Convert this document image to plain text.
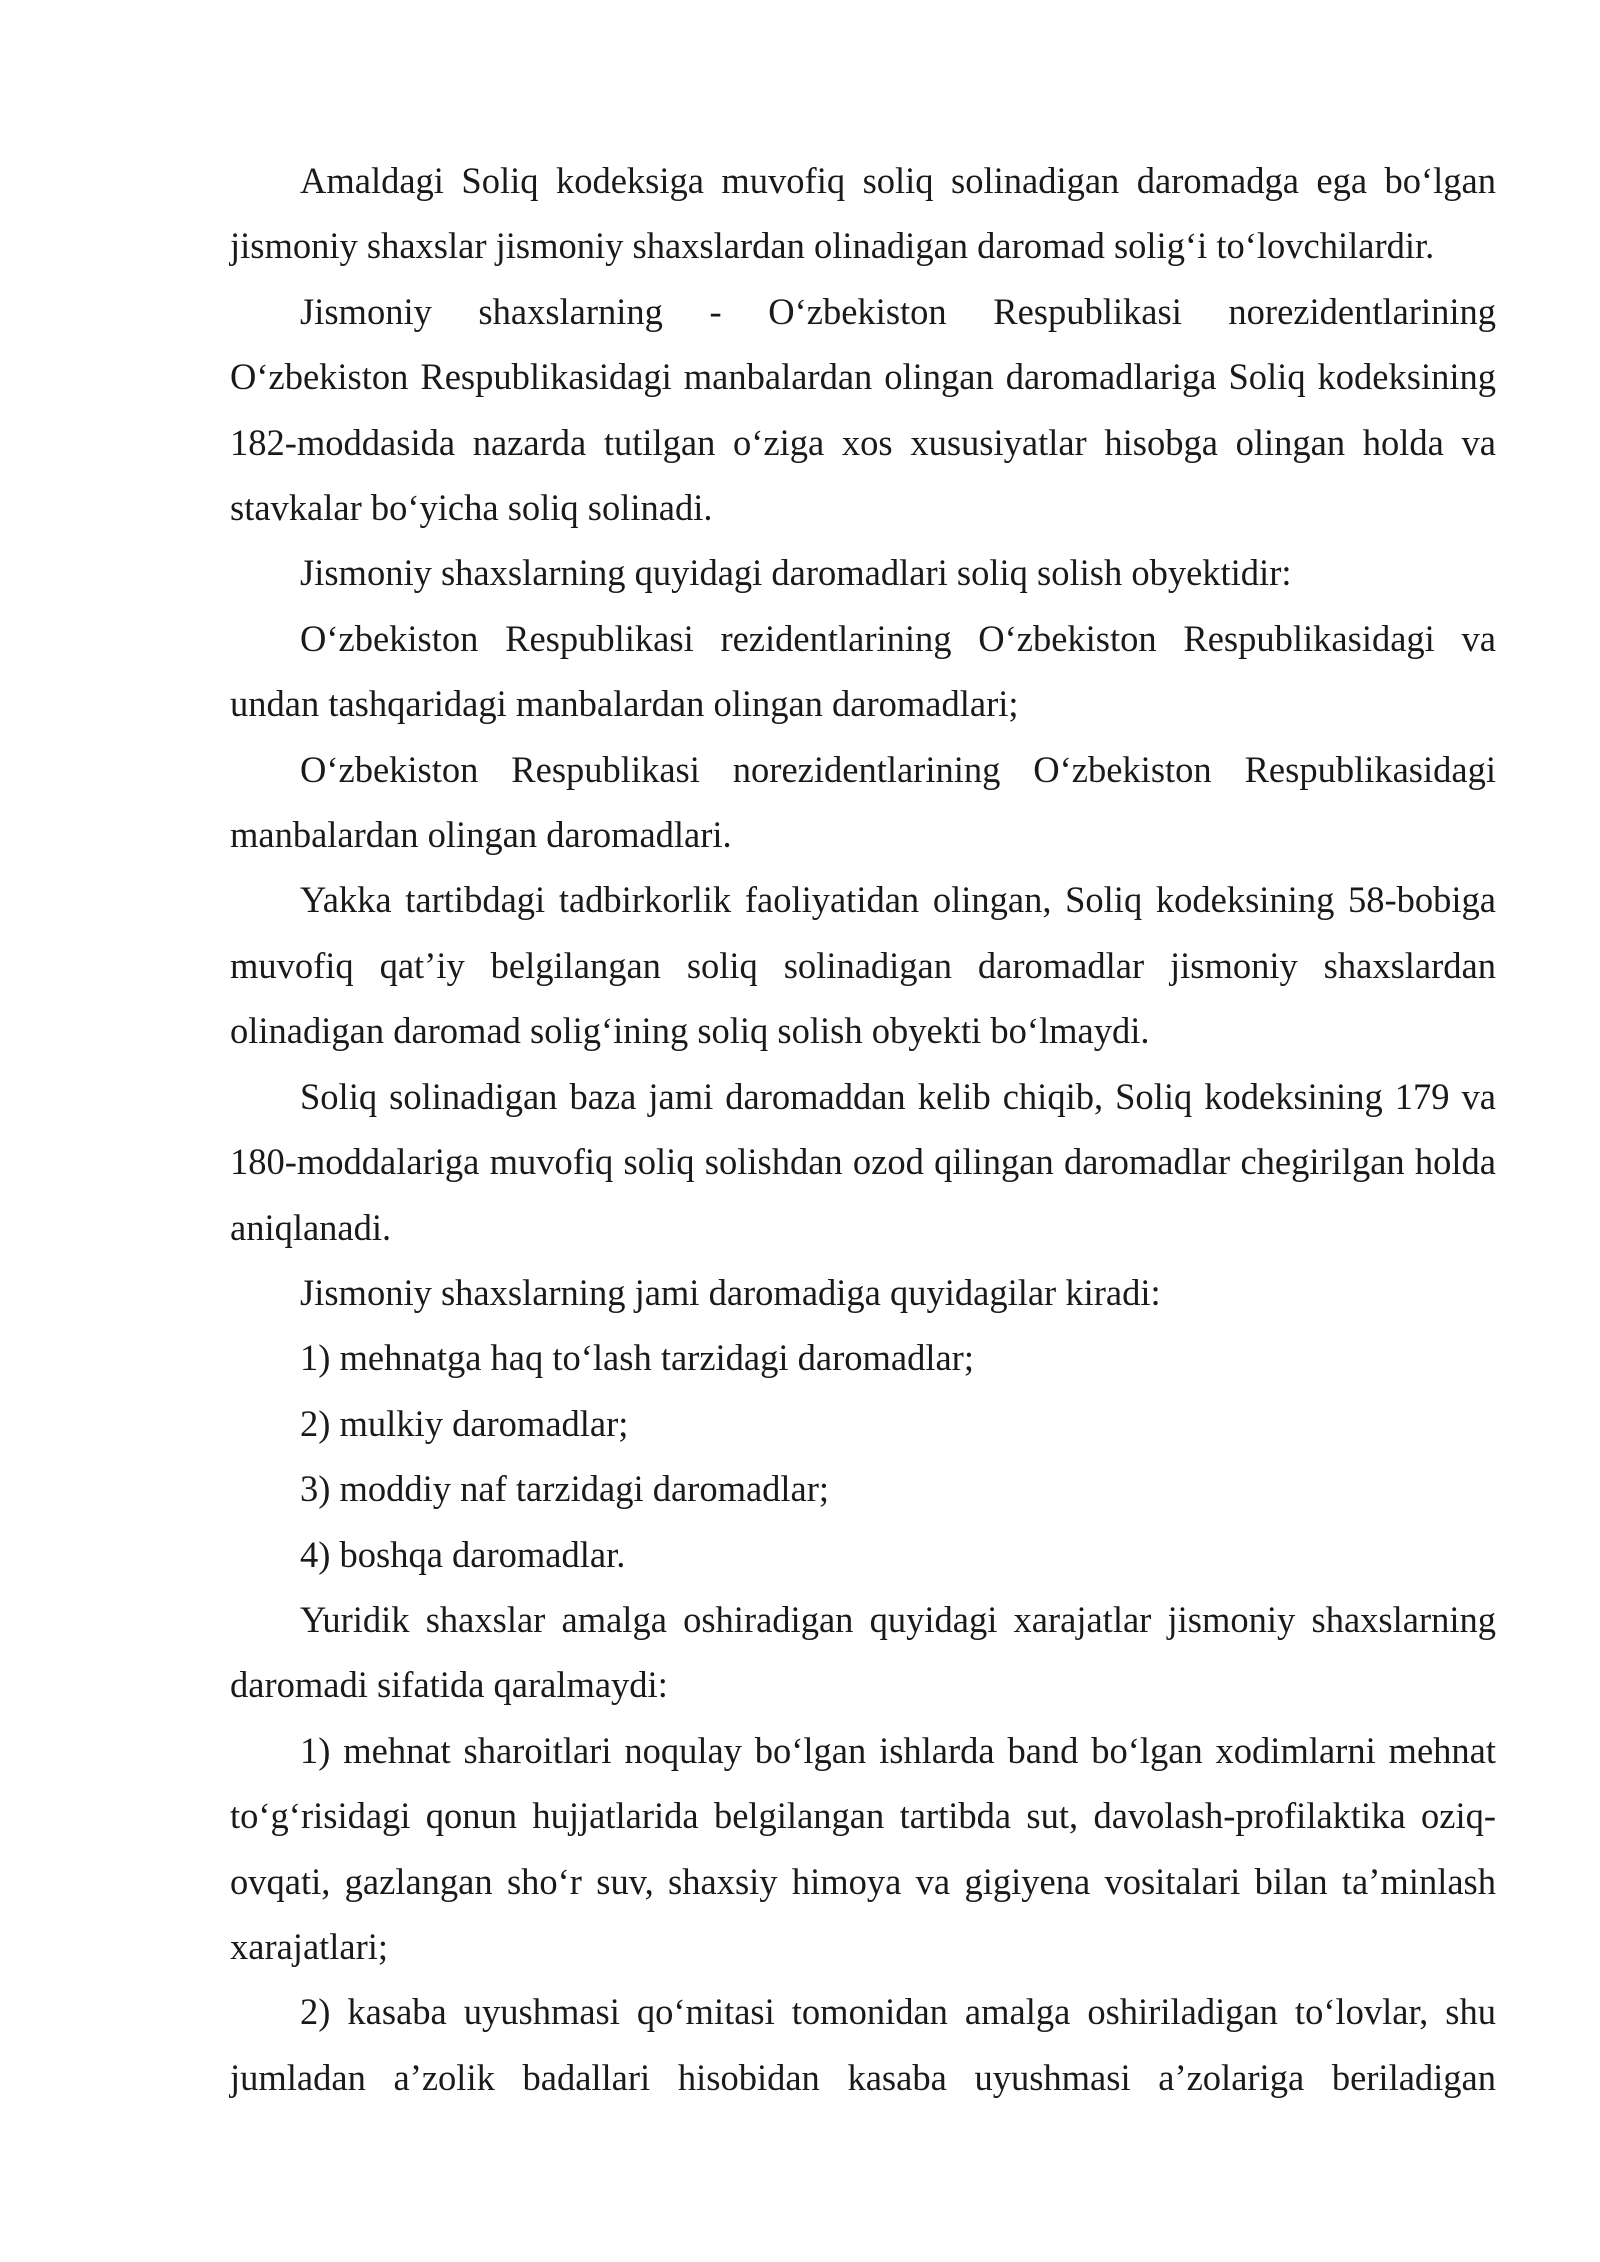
Amaldagi Soliq kodeksiga muvofiq soliq solinadigan daromadga ega bo‘lgan jismoniy shaxslar jismoniy shaxslardan olinadigan daromad solig‘i to‘lovchilardir.

Jismoniy shaxslarning - O‘zbekiston Respublikasi norezidentlarining O‘zbekiston Respublikasidagi manbalardan olingan daromadlariga Soliq kodeksining 182-moddasida nazarda tutilgan o‘ziga xos xususiyatlar hisobga olingan holda va stavkalar bo‘yicha soliq solinadi.

Jismoniy shaxslarning quyidagi daromadlari soliq solish obyektidir:

O‘zbekiston Respublikasi rezidentlarining O‘zbekiston Respublikasidagi va undan tashqaridagi manbalardan olingan daromadlari;

O‘zbekiston Respublikasi norezidentlarining O‘zbekiston Respublikasidagi manbalardan olingan daromadlari.

Yakka tartibdagi tadbirkorlik faoliyatidan olingan, Soliq kodeksining 58-bobiga muvofiq qat’iy belgilangan soliq solinadigan daromadlar jismoniy shaxslardan olinadigan daromad solig‘ining soliq solish obyekti bo‘lmaydi.

Soliq solinadigan baza jami daromaddan kelib chiqib, Soliq kodeksining 179 va 180-moddalariga muvofiq soliq solishdan ozod qilingan daromadlar chegirilgan holda aniqlanadi.

Jismoniy shaxslarning jami daromadiga quyidagilar kiradi:

1) mehnatga haq to‘lash tarzidagi daromadlar;

2) mulkiy daromadlar;

3) moddiy naf tarzidagi daromadlar;

4) boshqa daromadlar.

Yuridik shaxslar amalga oshiradigan quyidagi xarajatlar jismoniy shaxslarning daromadi sifatida qaralmaydi:

1) mehnat sharoitlari noqulay bo‘lgan ishlarda band bo‘lgan xodimlarni mehnat to‘g‘risidagi qonun hujjatlarida belgilangan tartibda sut, davolash-profilaktika oziq-ovqati, gazlangan sho‘r suv, shaxsiy himoya va gigiyena vositalari bilan ta’minlash xarajatlari;

2) kasaba uyushmasi qo‘mitasi tomonidan amalga oshiriladigan to‘lovlar, shu jumladan a’zolik badallari hisobidan kasaba uyushmasi a’zolariga beriladigan
